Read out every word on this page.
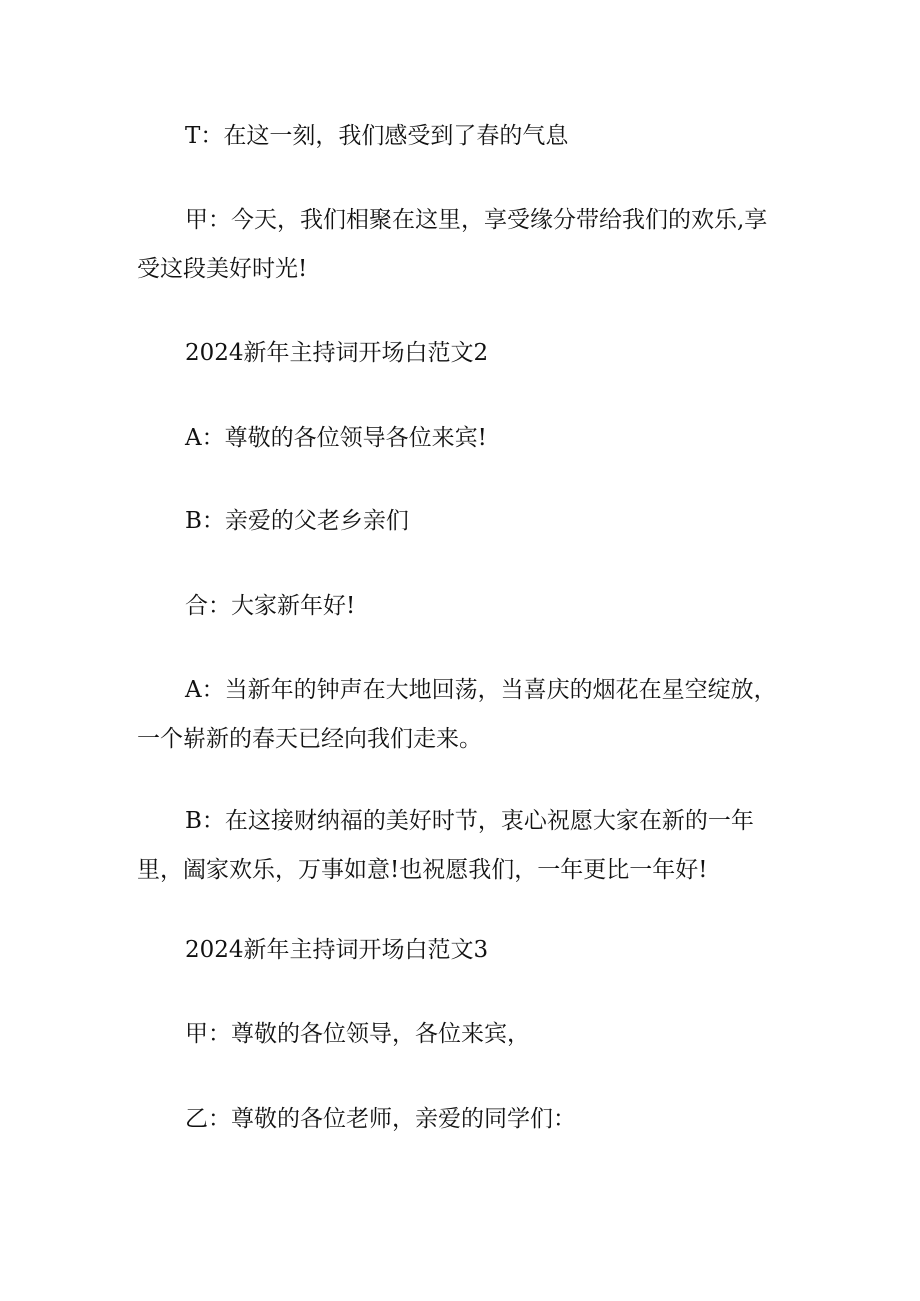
T：在这一刻，我们感受到了春的气息

甲：今天，我们相聚在这里，享受缘分带给我们的欢乐,享受这段美好时光!

2024新年主持词开场白范文2

A：尊敬的各位领导各位来宾!

B：亲爱的父老乡亲们

合：大家新年好!

A：当新年的钟声在大地回荡，当喜庆的烟花在星空绽放，一个崭新的春天已经向我们走来。

B：在这接财纳福的美好时节，衷心祝愿大家在新的一年里，阖家欢乐，万事如意!也祝愿我们，一年更比一年好!

2024新年主持词开场白范文3

甲：尊敬的各位领导，各位来宾，

乙：尊敬的各位老师，亲爱的同学们：
